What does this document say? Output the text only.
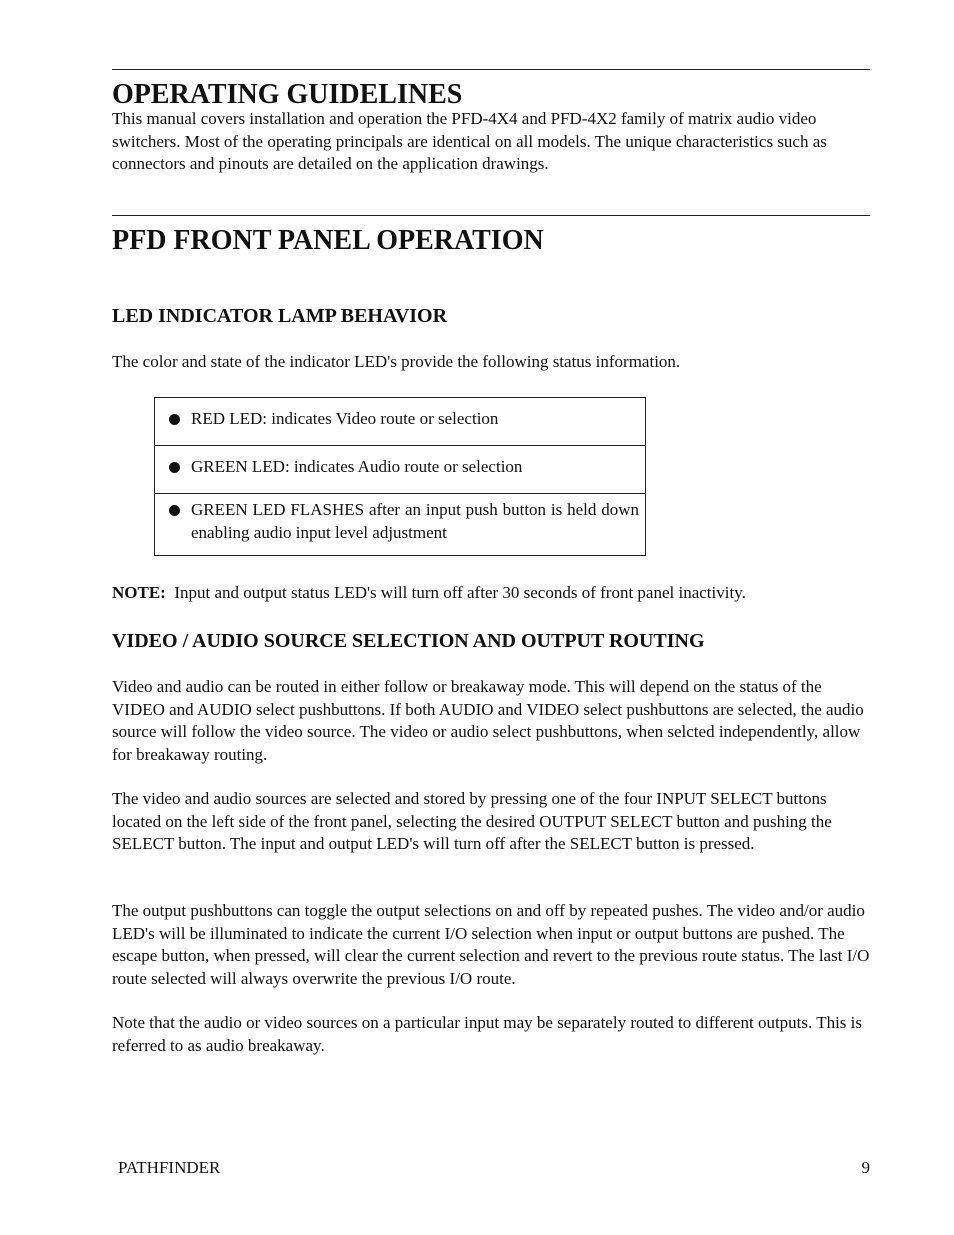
OPERATING GUIDELINES

This manual covers installation and operation the PFD-4X4 and PFD-4X2 family of matrix audio video switchers. Most of the operating principals are identical on all models. The unique characteristics such as connectors and pinouts are detailed on the application drawings.

PFD FRONT PANEL OPERATION
LED INDICATOR LAMP BEHAVIOR

The color and state of the indicator LED's provide the following status information.

RED LED: indicates Video route or selection
GREEN LED: indicates Audio route or selection
GREEN LED FLASHES after an input push button is held down enabling audio input level adjustment

NOTE: Input and output status LED's will turn off after 30 seconds of front panel inactivity.

VIDEO / AUDIO SOURCE SELECTION AND OUTPUT ROUTING

Video and audio can be routed in either follow or breakaway mode. This will depend on the status of the VIDEO and AUDIO select pushbuttons. If both AUDIO and VIDEO select pushbuttons are selected, the audio source will follow the video source. The video or audio select pushbuttons, when selcted independently, allow for breakaway routing.

The video and audio sources are selected and stored by pressing one of the four INPUT SELECT buttons located on the left side of the front panel, selecting the desired OUTPUT SELECT button and pushing the SELECT button. The input and output LED's will turn off after the SELECT button is pressed.

The output pushbuttons can toggle the output selections on and off by repeated pushes. The video and/or audio LED's will be illuminated to indicate the current I/O selection when input or output buttons are pushed. The escape button, when pressed, will clear the current selection and revert to the previous route status. The last I/O route selected will always overwrite the previous I/O route.

Note that the audio or video sources on a particular input may be separately routed to different outputs. This is referred to as audio breakaway.

PATHFINDER	9
